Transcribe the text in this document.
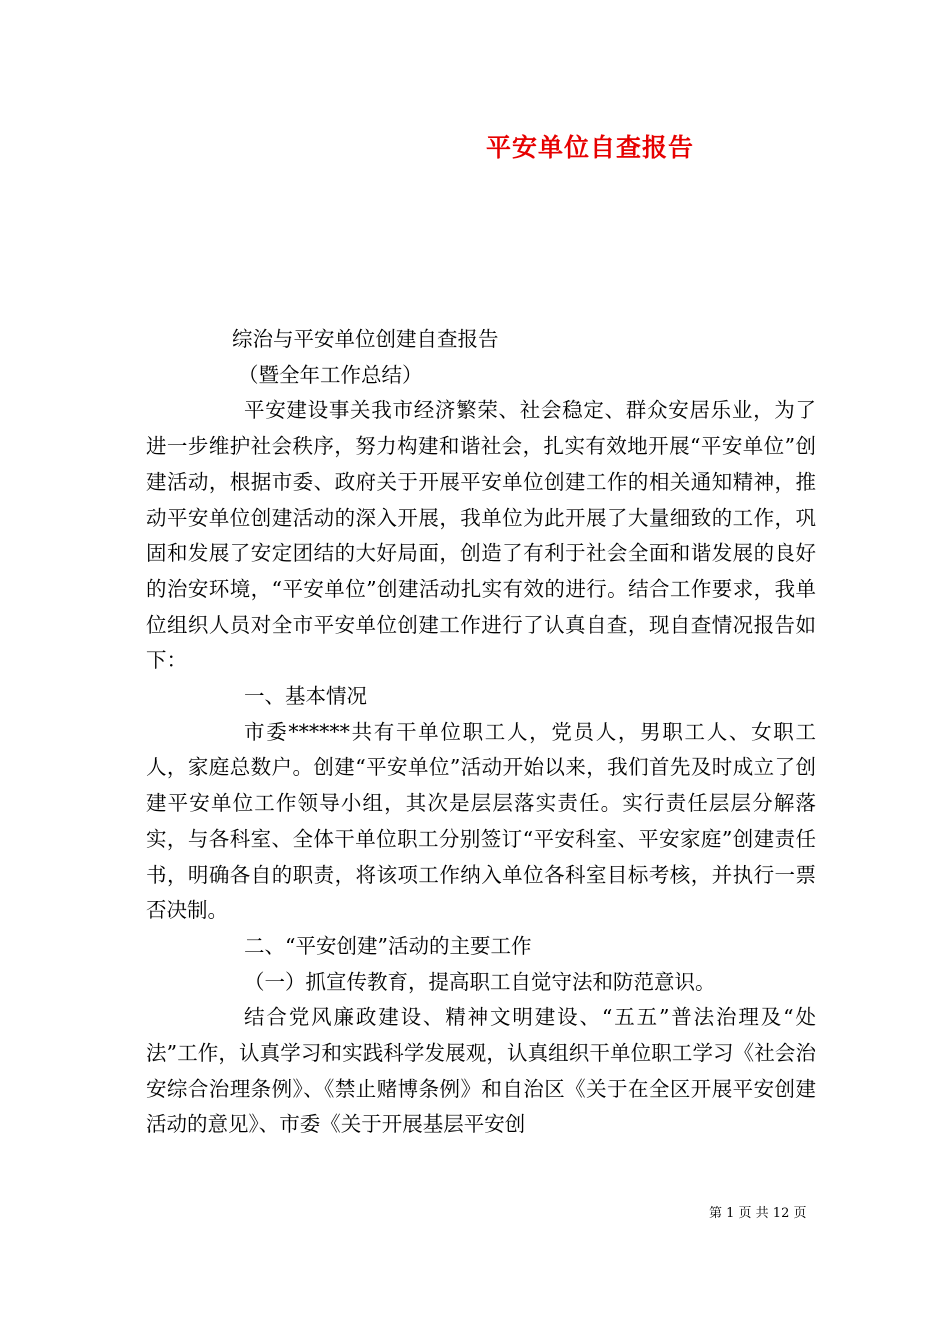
平安单位自查报告

综治与平安单位创建自查报告

（暨全年工作总结）

平安建设事关我市经济繁荣、社会稳定、群众安居乐业，为了进一步维护社会秩序，努力构建和谐社会，扎实有效地开展“平安单位”创建活动，根据市委、政府关于开展平安单位创建工作的相关通知精神，推动平安单位创建活动的深入开展，我单位为此开展了大量细致的工作，巩固和发展了安定团结的大好局面，创造了有利于社会全面和谐发展的良好的治安环境，“平安单位”创建活动扎实有效的进行。结合工作要求，我单位组织人员对全市平安单位创建工作进行了认真自查，现自查情况报告如下：

一、基本情况

市委******共有干单位职工人，党员人，男职工人、女职工人，家庭总数户。创建“平安单位”活动开始以来，我们首先及时成立了创建平安单位工作领导小组，其次是层层落实责任。实行责任层层分解落实，与各科室、全体干单位职工分别签订“平安科室、平安家庭”创建责任书，明确各自的职责，将该项工作纳入单位各科室目标考核，并执行一票否决制。

二、“平安创建”活动的主要工作

（一）抓宣传教育，提高职工自觉守法和防范意识。

结合党风廉政建设、精神文明建设、“五五”普法治理及“处法”工作，认真学习和实践科学发展观，认真组织干单位职工学习《社会治安综合治理条例》、《禁止赌博条例》和自治区《关于在全区开展平安创建活动的意见》、市委《关于开展基层平安创

第 1 页 共 12 页
